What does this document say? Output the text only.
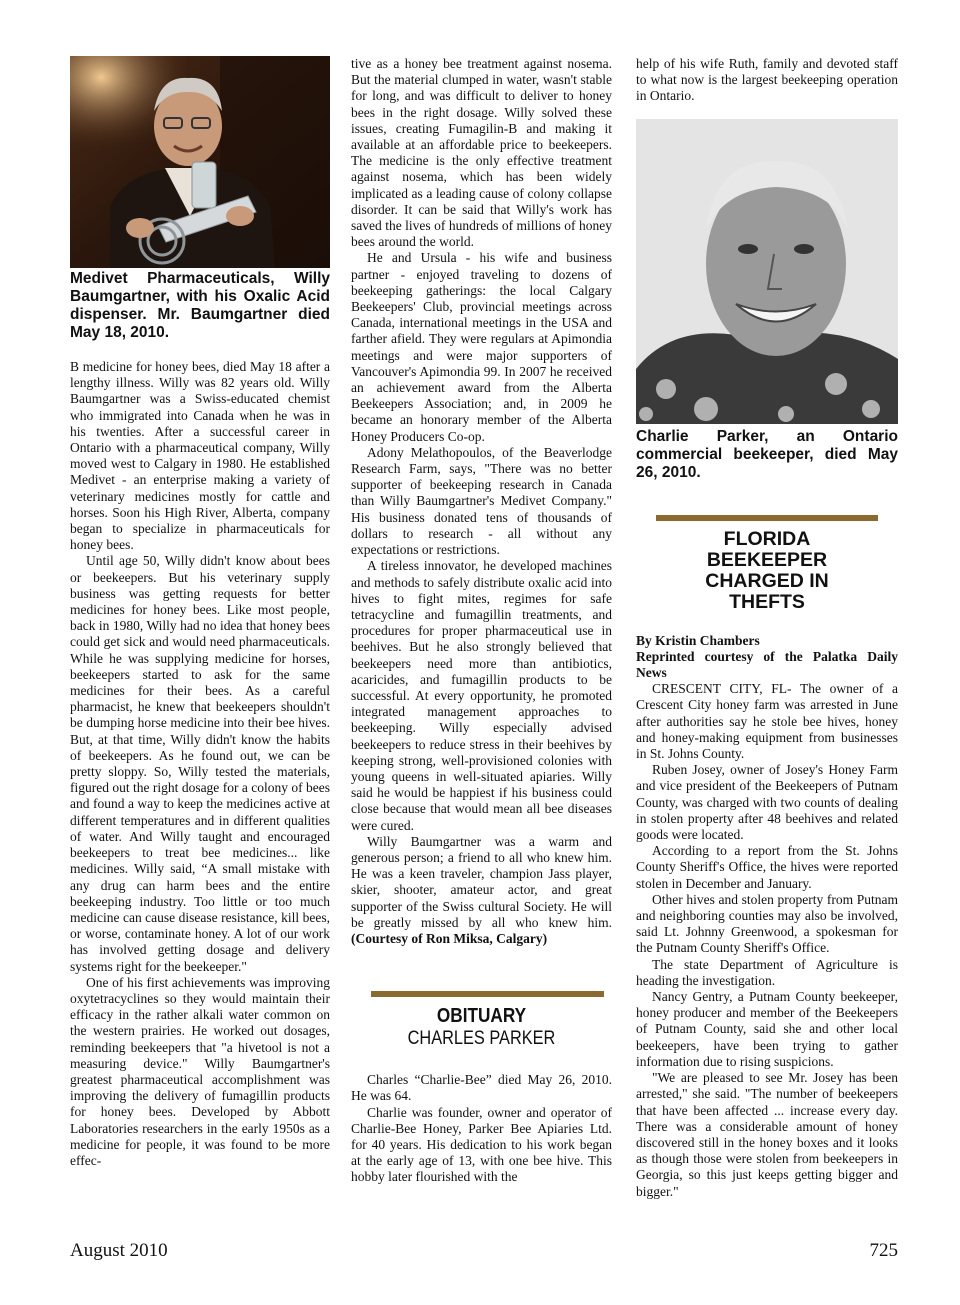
Medivet Pharmaceuticals, Willy Baumgartner, with his Oxalic Acid dispenser. Mr. Baumgartner died May 18, 2010.

B medicine for honey bees, died May 18 after a lengthy illness. Willy was 82 years old. Willy Baumgartner was a Swiss-educated chemist who immigrated into Canada when he was in his twenties. After a successful career in Ontario with a pharmaceutical company, Willy moved west to Calgary in 1980. He established Medivet - an enterprise making a variety of veterinary medicines mostly for cattle and horses. Soon his High River, Alberta, company began to specialize in pharmaceuticals for honey bees.

Until age 50, Willy didn't know about bees or beekeepers. But his veterinary supply business was getting requests for better medicines for honey bees. Like most people, back in 1980, Willy had no idea that honey bees could get sick and would need pharmaceuticals. While he was supplying medicine for horses, beekeepers started to ask for the same medicines for their bees. As a careful pharmacist, he knew that beekeepers shouldn't be dumping horse medicine into their bee hives. But, at that time, Willy didn't know the habits of beekeepers. As he found out, we can be pretty sloppy. So, Willy tested the materials, figured out the right dosage for a colony of bees and found a way to keep the medicines active at different temperatures and in different qualities of water. And Willy taught and encouraged beekeepers to treat bee medicines... like medicines. Willy said, “A small mistake with any drug can harm bees and the entire beekeeping industry. Too little or too much medicine can cause disease resistance, kill bees, or worse, contaminate honey. A lot of our work has involved getting dosage and delivery systems right for the beekeeper."

One of his first achievements was improving oxytetracyclines so they would maintain their efficacy in the rather alkali water common on the western prairies. He worked out dosages, reminding beekeepers that "a hivetool is not a measuring device." Willy Baumgartner's greatest pharmaceutical accomplishment was improving the delivery of fumagillin products for honey bees. Developed by Abbott Laboratories researchers in the early 1950s as a medicine for people, it was found to be more effec-

tive as a honey bee treatment against nosema. But the material clumped in water, wasn't stable for long, and was difficult to deliver to honey bees in the right dosage. Willy solved these issues, creating Fumagilin-B and making it available at an affordable price to beekeepers. The medicine is the only effective treatment against nosema, which has been widely implicated as a leading cause of colony collapse disorder. It can be said that Willy's work has saved the lives of hundreds of millions of honey bees around the world.

He and Ursula - his wife and business partner - enjoyed traveling to dozens of beekeeping gatherings: the local Calgary Beekeepers' Club, provincial meetings across Canada, international meetings in the USA and farther afield. They were regulars at Apimondia meetings and were major supporters of Vancouver's Apimondia 99. In 2007 he received an achievement award from the Alberta Beekeepers Association; and, in 2009 he became an honorary member of the Alberta Honey Producers Co-op.

Adony Melathopoulos, of the Beaverlodge Research Farm, says, "There was no better supporter of beekeeping research in Canada than Willy Baumgartner's Medivet Company." His business donated tens of thousands of dollars to research - all without any expectations or restrictions.

A tireless innovator, he developed machines and methods to safely distribute oxalic acid into hives to fight mites, regimes for safe tetracycline and fumagillin treatments, and procedures for proper pharmaceutical use in beehives. But he also strongly believed that beekeepers need more than antibiotics, acaricides, and fumagillin products to be successful. At every opportunity, he promoted integrated management approaches to beekeeping. Willy especially advised beekeepers to reduce stress in their beehives by keeping strong, well-provisioned colonies with young queens in well-situated apiaries. Willy said he would be happiest if his business could close because that would mean all bee diseases were cured.

Willy Baumgartner was a warm and generous person; a friend to all who knew him. He was a keen traveler, champion Jass player, skier, shooter, amateur actor, and great supporter of the Swiss cultural Society. He will be greatly missed by all who knew him. (Courtesy of Ron Miksa, Calgary)

OBITUARY

CHARLES PARKER

Charles “Charlie-Bee” died May 26, 2010. He was 64.

Charlie was founder, owner and operator of Charlie-Bee Honey, Parker Bee Apiaries Ltd. for 40 years. His dedication to his work began at the early age of 13, with one bee hive. This hobby later flourished with the

help of his wife Ruth, family and devoted staff to what now is the largest beekeeping operation in Ontario.

Charlie Parker, an Ontario commercial beekeeper, died May 26, 2010.

FLORIDA BEEKEEPER CHARGED IN THEFTS

By Kristin Chambers

Reprinted courtesy of the Palatka Daily News

CRESCENT CITY, FL- The owner of a Crescent City honey farm was arrested in June after authorities say he stole bee hives, honey and honey-making equipment from businesses in St. Johns County.

Ruben Josey, owner of Josey's Honey Farm and vice president of the Beekeepers of Putnam County, was charged with two counts of dealing in stolen property after 48 beehives and related goods were located.

According to a report from the St. Johns County Sheriff's Office, the hives were reported stolen in December and January.

Other hives and stolen property from Putnam and neighboring counties may also be involved, said Lt. Johnny Greenwood, a spokesman for the Putnam County Sheriff's Office.

The state Department of Agriculture is heading the investigation.

Nancy Gentry, a Putnam County beekeeper, honey producer and member of the Beekeepers of Putnam County, said she and other local beekeepers, have been trying to gather information due to rising suspicions.

"We are pleased to see Mr. Josey has been arrested," she said. "The number of beekeepers that have been affected ... increase every day. There was a considerable amount of honey discovered still in the honey boxes and it looks as though those were stolen from beekeepers in Georgia, so this just keeps getting bigger and bigger."

August 2010	725
